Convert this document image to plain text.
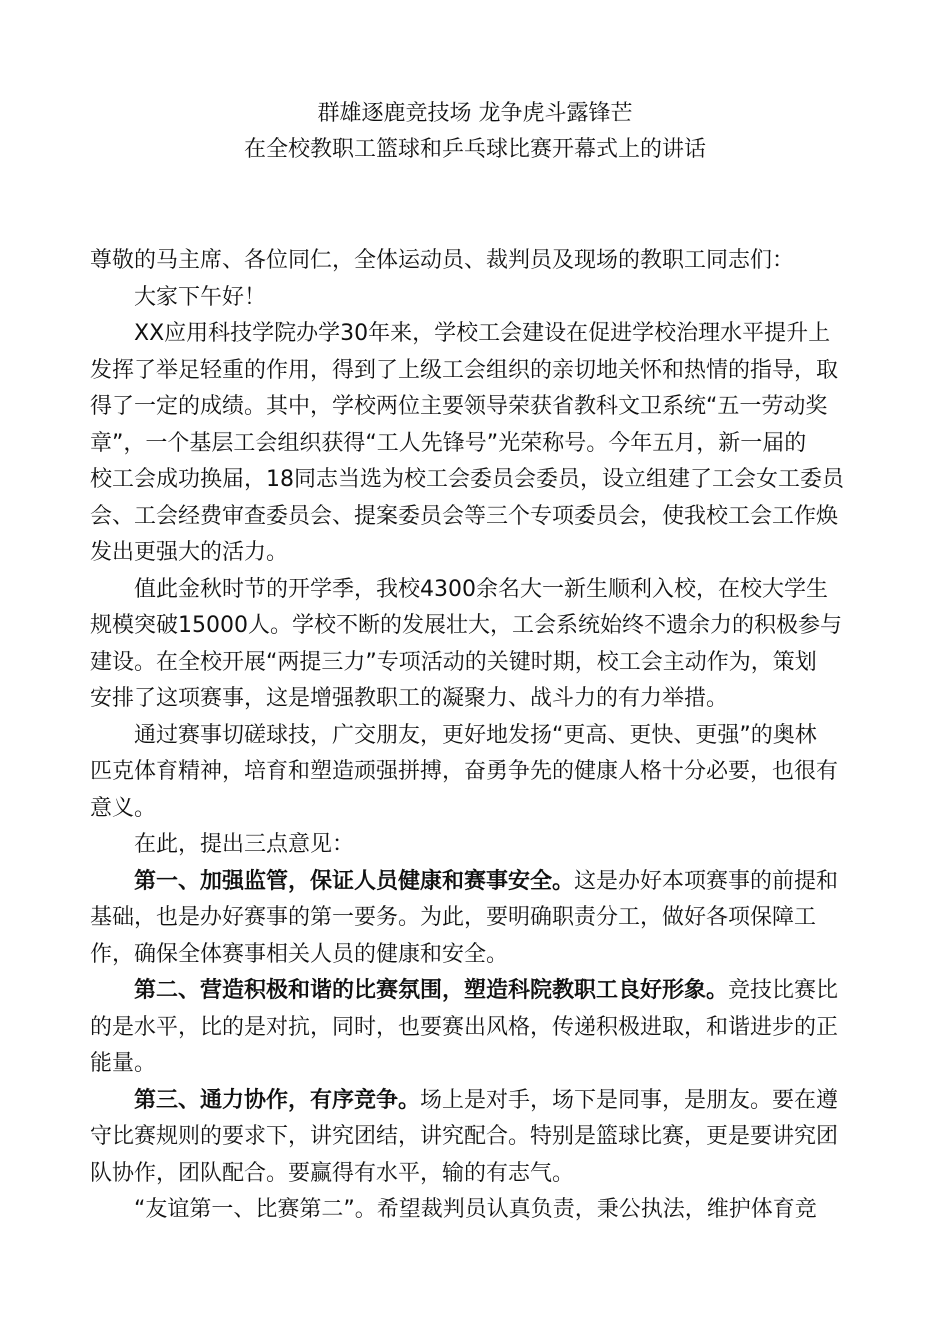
群雄逐鹿竞技场 龙争虎斗露锋芒
在全校教职工篮球和乒乓球比赛开幕式上的讲话
尊敬的马主席、各位同仁，全体运动员、裁判员及现场的教职工同志们：
大家下午好！
XX应用科技学院办学30年来，学校工会建设在促进学校治理水平提升上
发挥了举足轻重的作用，得到了上级工会组织的亲切地关怀和热情的指导，取
得了一定的成绩。其中，学校两位主要领导荣获省教科文卫系统“五一劳动奖
章”，一个基层工会组织获得“工人先锋号”光荣称号。今年五月，新一届的
校工会成功换届，18同志当选为校工会委员会委员，设立组建了工会女工委员
会、工会经费审查委员会、提案委员会等三个专项委员会，使我校工会工作焕
发出更强大的活力。
值此金秋时节的开学季，我校4300余名大一新生顺利入校，在校大学生
规模突破15000人。学校不断的发展壮大，工会系统始终不遗余力的积极参与
建设。在全校开展“两提三力”专项活动的关键时期，校工会主动作为，策划
安排了这项赛事，这是增强教职工的凝聚力、战斗力的有力举措。
通过赛事切磋球技，广交朋友，更好地发扬“更高、更快、更强”的奥林
匹克体育精神，培育和塑造顽强拼搏，奋勇争先的健康人格十分必要，也很有
意义。
在此，提出三点意见：
第一、加强监管，保证人员健康和赛事安全。这是办好本项赛事的前提和
基础，也是办好赛事的第一要务。为此，要明确职责分工，做好各项保障工
作，确保全体赛事相关人员的健康和安全。
第二、营造积极和谐的比赛氛围，塑造科院教职工良好形象。竞技比赛比
的是水平，比的是对抗，同时，也要赛出风格，传递积极进取，和谐进步的正
能量。
第三、通力协作，有序竞争。场上是对手，场下是同事，是朋友。要在遵
守比赛规则的要求下，讲究团结，讲究配合。特别是篮球比赛，更是要讲究团
队协作，团队配合。要赢得有水平，输的有志气。
“友谊第一、比赛第二”。希望裁判员认真负责，秉公执法，维护体育竞
